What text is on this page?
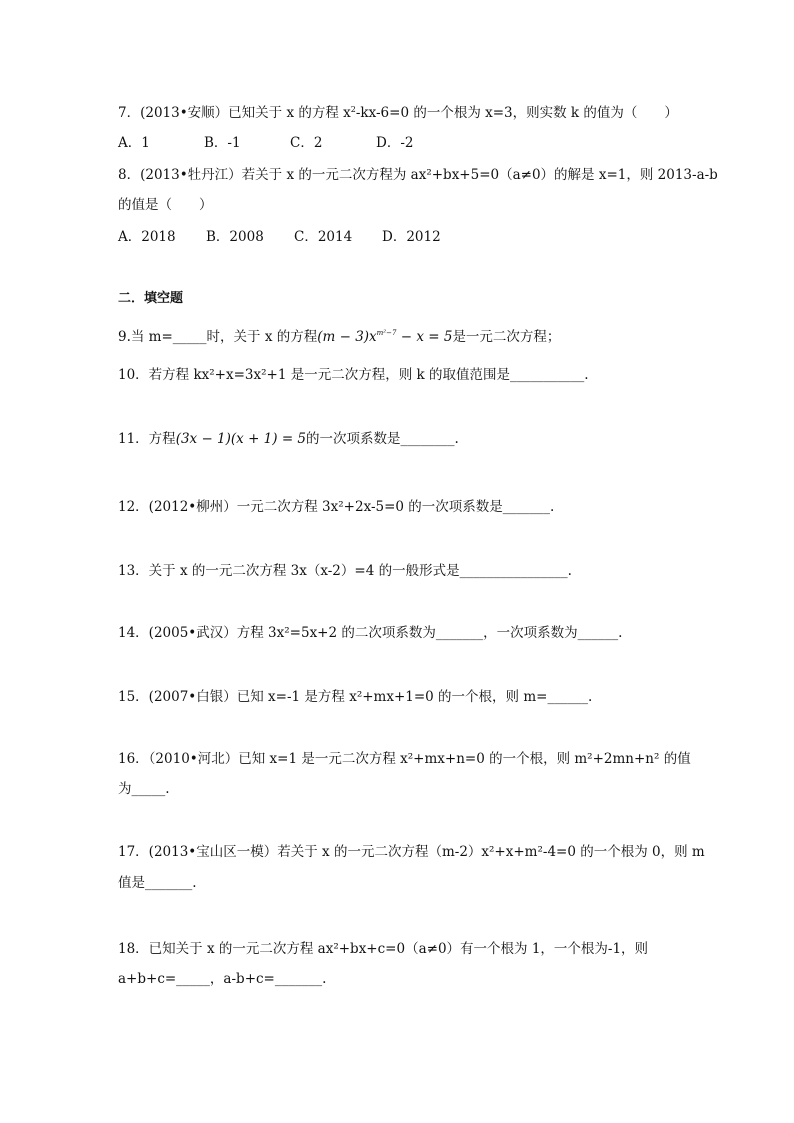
7．(2013•安顺）已知关于 x 的方程 $x^2-kx-6=0$ 的一个根为 x=3，则实数 k 的值为（　　）
A．1	B．-1	C．2	D．-2
8．(2013•牡丹江）若关于 x 的一元二次方程为 ax²+bx+5=0（a≠0）的解是 x=1，则 2013-a-b
的值是（　　）
A．2018 B．2008 C．2014 D．2012
二．填空题
9.当 m=_____时，关于 x 的方程$(m - 3)x^{m^2-7} - x = 5$是一元二次方程；
10．若方程 kx²+x=3x²+1 是一元二次方程，则 k 的取值范围是___________.
11．方程(3x − 1)(x + 1) = 5的一次项系数是________.
12．(2012•柳州）一元二次方程 3x²+2x-5=0 的一次项系数是_______.
13．关于 x 的一元二次方程 3x（x-2）=4 的一般形式是________________.
14．(2005•武汉）方程 3x²=5x+2 的二次项系数为_______，一次项系数为______.
15．(2007•白银）已知 x=-1 是方程 x²+mx+1=0 的一个根，则 m=______.
16．（2010•河北）已知 x=1 是一元二次方程 x²+mx+n=0 的一个根，则 m²+2mn+n² 的值
为_____.
17．(2013•宝山区一模）若关于 x 的一元二次方程（m-2）x²+x+m²-4=0 的一个根为 0，则 m
值是_______.
18．已知关于 x 的一元二次方程 ax²+bx+c=0（a≠0）有一个根为 1，一个根为-1，则
a+b+c=_____，a-b+c=_______.
